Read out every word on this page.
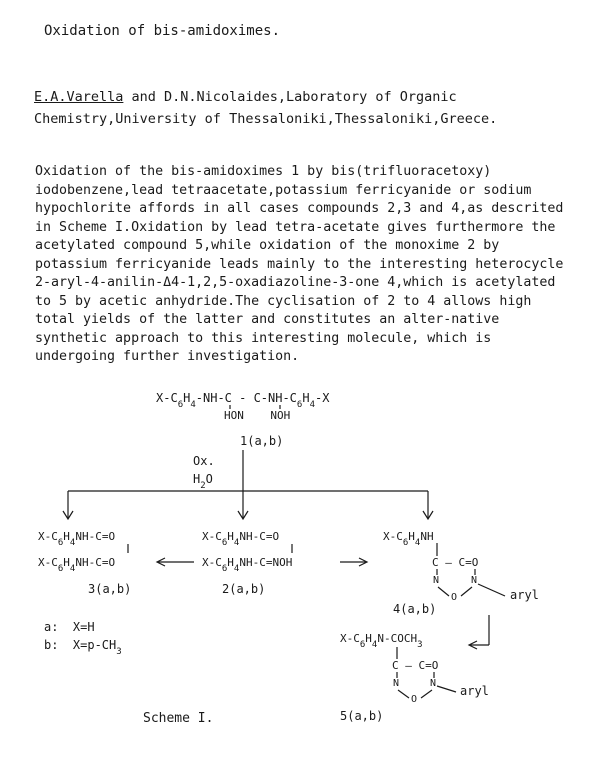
Oxidation of bis-amidoximes.
E.A.Varella and D.N.Nicolaides,Laboratory of Organic
Chemistry,University of Thessaloniki,Thessaloniki,Greece.
Oxidation of the bis-amidoximes 1 by bis(trifluoracetoxy) iodobenzene,lead tetraacetate,potassium ferricyanide or sodium hypochlorite affords in all cases compounds 2,3 and 4,as descrited in Scheme I.Oxidation by lead tetra-acetate gives furthermore the acetylated compound 5,while oxidation of the monoxime 2 by potassium ferricyanide leads mainly to the interesting heterocycle 2-aryl-4-anilin-Δ4-1,2,5-oxadiazoline-3-one 4,which is acetylated to 5 by acetic anhydride.The cyclisation of 2 to 4 allows high total yields of the latter and constitutes an alter-native synthetic approach to this interesting molecule, which is undergoing further investigation.
$X-C_6H_4-NH-C - C-NH-C_6H_4-X$
HON    NOH
1(a,b)
Ox.
$H_2O$
$X-C_6H_4NH-C=O$
$X-C_6H_4NH-C=O$
3(a,b)
$X-C_6H_4NH-C=O$
$X-C_6H_4NH-C=NOH$
2(a,b)
$X-C_6H_4NH$
C — C=O
N	N
O	aryl
4(a,b)
$X-C_6H_4N-COCH_3$
C — C=O
N	N
O
aryl
5(a,b)
a:  X=H
b:  $X=p-CH_3$
Scheme I.
